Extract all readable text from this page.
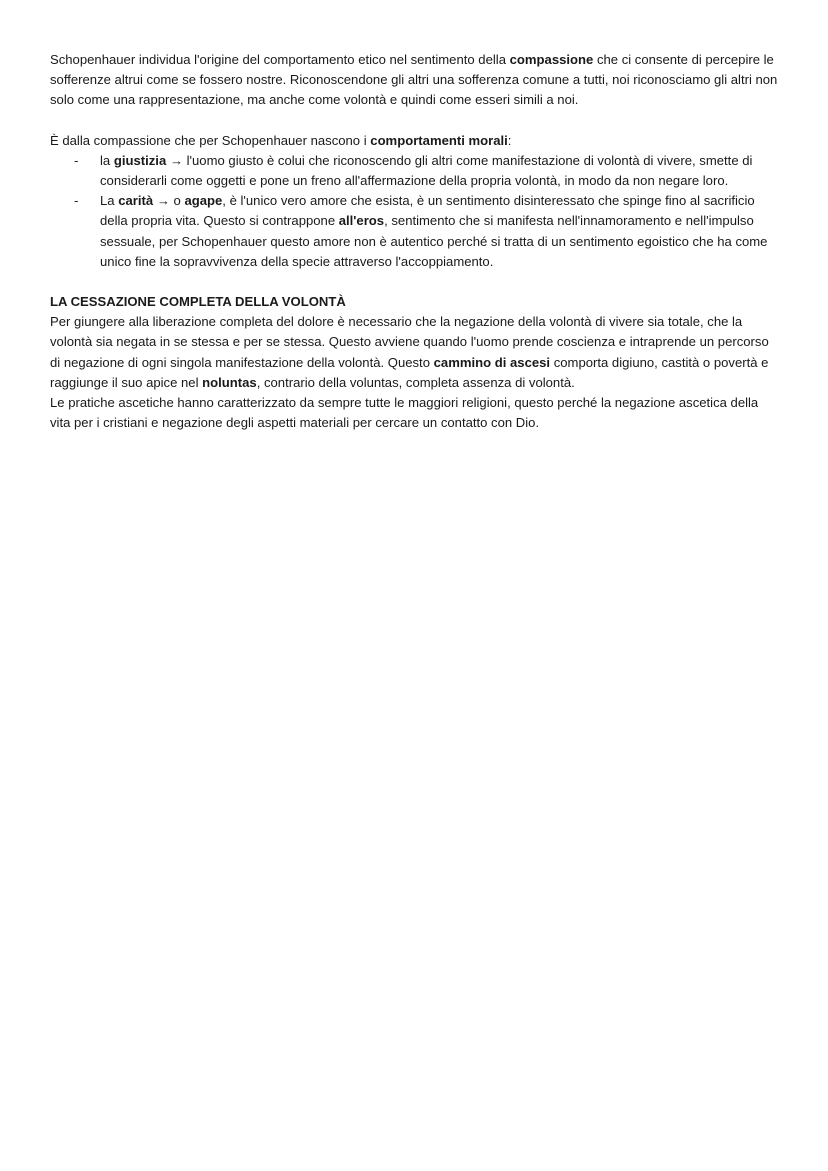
Schopenhauer individua l'origine del comportamento etico nel sentimento della compassione che ci consente di percepire le sofferenze altrui come se fossero nostre. Riconoscendone gli altri una sofferenza comune a tutti, noi riconosciamo gli altri non solo come una rappresentazione, ma anche come volontà e quindi come esseri simili a noi.

È dalla compassione che per Schopenhauer nascono i comportamenti morali:

- la giustizia → l'uomo giusto è colui che riconoscendo gli altri come manifestazione di volontà di vivere, smette di considerarli come oggetti e pone un freno all'affermazione della propria volontà, in modo da non negare loro.
- La carità → o agape, è l'unico vero amore che esista, è un sentimento disinteressato che spinge fino al sacrificio della propria vita. Questo si contrappone all'eros, sentimento che si manifesta nell'innamoramento e nell'impulso sessuale, per Schopenhauer questo amore non è autentico perché si tratta di un sentimento egoistico che ha come unico fine la sopravvivenza della specie attraverso l'accoppiamento.

LA CESSAZIONE COMPLETA DELLA VOLONTÀ

Per giungere alla liberazione completa del dolore è necessario che la negazione della volontà di vivere sia totale, che la volontà sia negata in se stessa e per se stessa. Questo avviene quando l'uomo prende coscienza e intraprende un percorso di negazione di ogni singola manifestazione della volontà. Questo cammino di ascesi comporta digiuno, castità o povertà e raggiunge il suo apice nel noluntas, contrario della voluntas, completa assenza di volontà.

Le pratiche ascetiche hanno caratterizzato da sempre tutte le maggiori religioni, questo perché la negazione ascetica della vita per i cristiani e negazione degli aspetti materiali per cercare un contatto con Dio.
